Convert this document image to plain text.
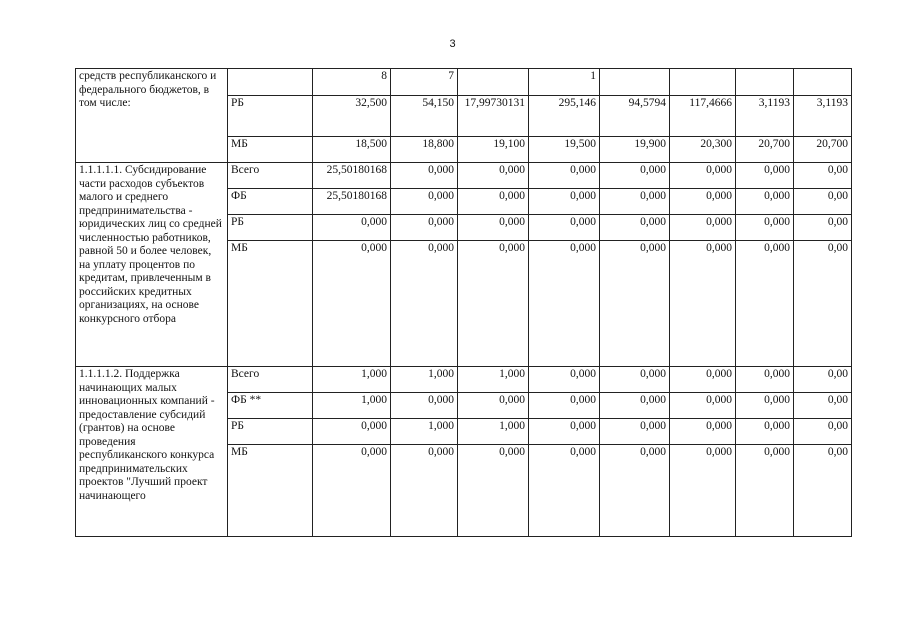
3
средств республиканского и федерального бюджетов, в том числе:		8	7		1				
	РБ	32,500	54,150	17,99730131	295,146	94,5794	117,4666	3,1193	3,1193
	МБ	18,500	18,800	19,100	19,500	19,900	20,300	20,700	20,700
1.1.1.1.1. Субсидирование части расходов субъектов малого и среднего предпринимательства - юридических лиц со средней численностью работников, равной 50 и более человек, на уплату процентов по кредитам, привлеченным в российских кредитных организациях, на основе конкурсного отбора	Всего	25,50180168	0,000	0,000	0,000	0,000	0,000	0,000	0,00
	ФБ	25,50180168	0,000	0,000	0,000	0,000	0,000	0,000	0,00
	РБ	0,000	0,000	0,000	0,000	0,000	0,000	0,000	0,00
	МБ	0,000	0,000	0,000	0,000	0,000	0,000	0,000	0,00
1.1.1.1.2. Поддержка начинающих малых инновационных компаний - предоставление субсидий (грантов) на основе проведения республиканского конкурса предпринимательских проектов "Лучший проект начинающего	Всего	1,000	1,000	1,000	0,000	0,000	0,000	0,000	0,00
	ФБ **	1,000	0,000	0,000	0,000	0,000	0,000	0,000	0,00
	РБ	0,000	1,000	1,000	0,000	0,000	0,000	0,000	0,00
	МБ	0,000	0,000	0,000	0,000	0,000	0,000	0,000	0,00
